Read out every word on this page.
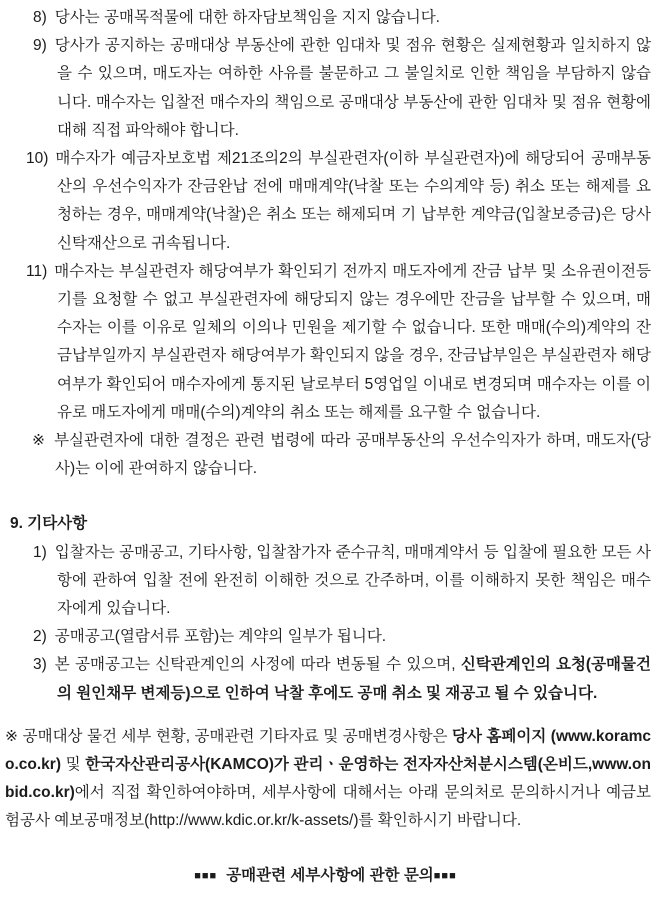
8) 당사는 공매목적물에 대한 하자담보책임을 지지 않습니다.
9) 당사가 공지하는 공매대상 부동산에 관한 임대차 및 점유 현황은 실제현황과 일치하지 않을 수 있으며, 매도자는 여하한 사유를 불문하고 그 불일치로 인한 책임을 부담하지 않습니다. 매수자는 입찰전 매수자의 책임으로 공매대상 부동산에 관한 임대차 및 점유 현황에 대해 직접 파악해야 합니다.
10) 매수자가 예금자보호법 제21조의2의 부실관련자(이하 부실관련자)에 해당되어 공매부동산의 우선수익자가 잔금완납 전에 매매계약(낙찰 또는 수의계약 등) 취소 또는 해제를 요청하는 경우, 매매계약(낙찰)은 취소 또는 해제되며 기 납부한 계약금(입찰보증금)은 당사 신탁재산으로 귀속됩니다.
11) 매수자는 부실관련자 해당여부가 확인되기 전까지 매도자에게 잔금 납부 및 소유권이전등기를 요청할 수 없고 부실관련자에 해당되지 않는 경우에만 잔금을 납부할 수 있으며, 매수자는 이를 이유로 일체의 이의나 민원을 제기할 수 없습니다. 또한 매매(수의)계약의 잔금납부일까지 부실관련자 해당여부가 확인되지 않을 경우, 잔금납부일은 부실관련자 해당여부가 확인되어 매수자에게 통지된 날로부터 5영업일 이내로 변경되며 매수자는 이를 이유로 매도자에게 매매(수의)계약의 취소 또는 해제를 요구할 수 없습니다.
※ 부실관련자에 대한 결정은 관련 법령에 따라 공매부동산의 우선수익자가 하며, 매도자(당사)는 이에 관여하지 않습니다.
9. 기타사항
1) 입찰자는 공매공고, 기타사항, 입찰참가자 준수규칙, 매매계약서 등 입찰에 필요한 모든 사항에 관하여 입찰 전에 완전히 이해한 것으로 간주하며, 이를 이해하지 못한 책임은 매수자에게 있습니다.
2) 공매공고(열람서류 포함)는 계약의 일부가 됩니다.
3) 본 공매공고는 신탁관계인의 사정에 따라 변동될 수 있으며, 신탁관계인의 요청(공매물건의 원인채무 변제등)으로 인하여 낙찰 후에도 공매 취소 및 재공고 될 수 있습니다.
※ 공매대상 물건 세부 현황, 공매관련 기타자료 및 공매변경사항은 당사 홈페이지 (www.koramco.co.kr) 및 한국자산관리공사(KAMCO)가 관리ㆍ운영하는 전자자산처분시스템(온비드,www.onbid.co.kr)에서 직접 확인하여야하며, 세부사항에 대해서는 아래 문의처로 문의하시거나 예금보험공사 예보공매정보(http://www.kdic.or.kr/k-assets/)를 확인하시기 바랍니다.
■■■ 공매관련 세부사항에 관한 문의■■■
